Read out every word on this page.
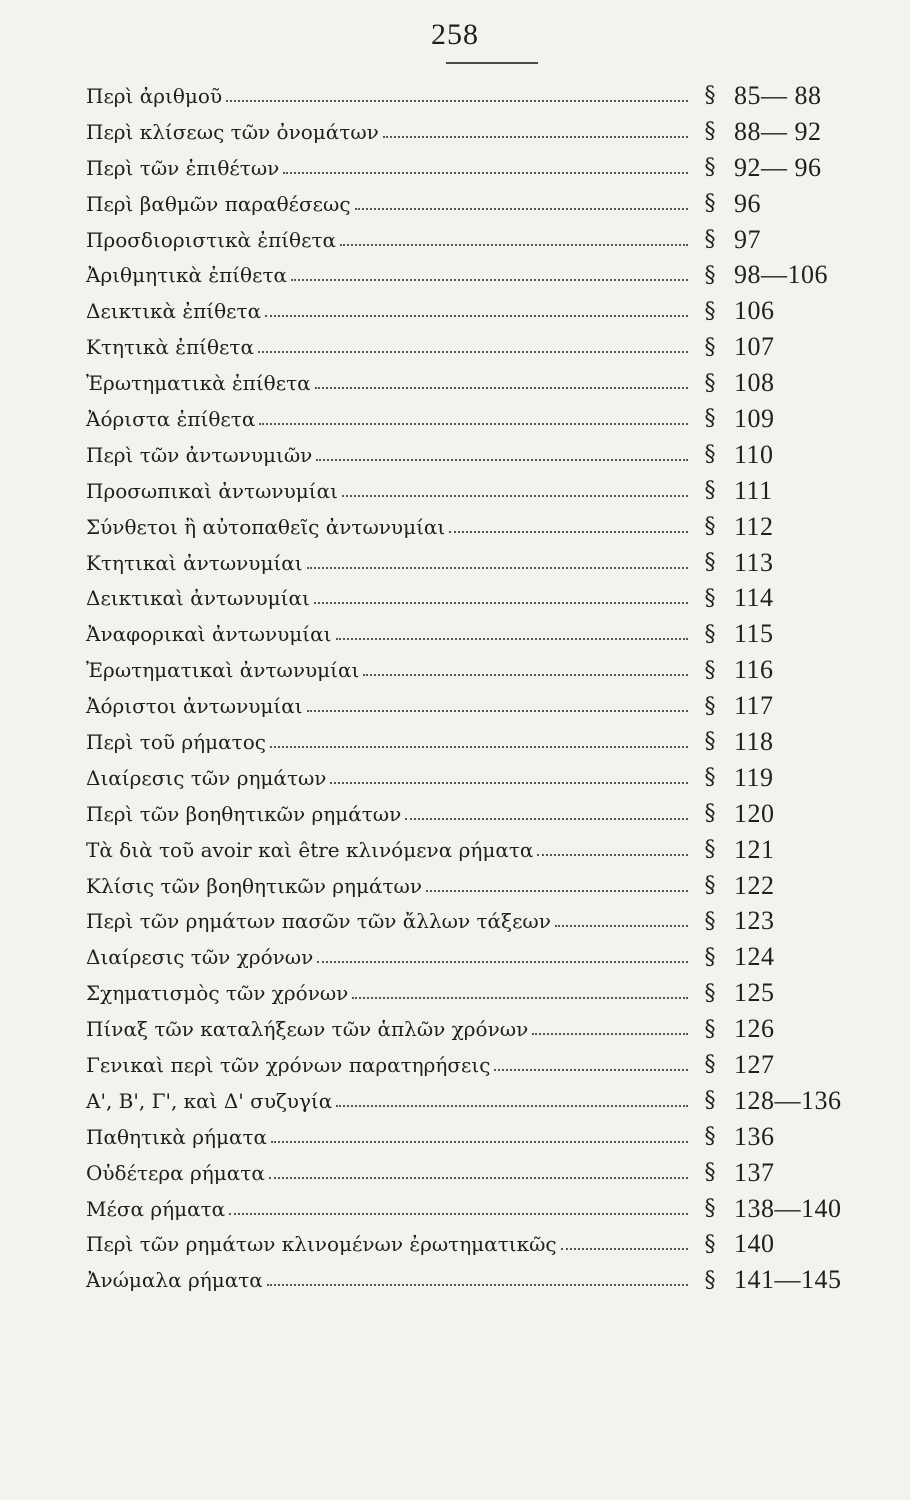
258
Περὶ ἀριθμοῦ	§ 85— 88
Περὶ κλίσεως τῶν ὀνομάτων	§ 88— 92
Περὶ τῶν ἐπιθέτων	§ 92— 96
Περὶ βαθμῶν παραθέσεως	§ 96
Προσδιοριστικὰ ἐπίθετα	§ 97
Ἀριθμητικὰ ἐπίθετα	§ 98—106
Δεικτικὰ ἐπίθετα	§ 106
Κτητικὰ ἐπίθετα	§ 107
Ἐρωτηματικὰ ἐπίθετα	§ 108
Ἀόριστα ἐπίθετα	§ 109
Περὶ τῶν ἀντωνυμιῶν	§ 110
Προσωπικαὶ ἀντωνυμίαι	§ 111
Σύνθετοι ἢ αὐτοπαθεῖς ἀντωνυμίαι	§ 112
Κτητικαὶ ἀντωνυμίαι	§ 113
Δεικτικαὶ ἀντωνυμίαι	§ 114
Ἀναφορικαὶ ἀντωνυμίαι	§ 115
Ἐρωτηματικαὶ ἀντωνυμίαι	§ 116
Ἀόριστοι ἀντωνυμίαι	§ 117
Περὶ τοῦ ρήματος	§ 118
Διαίρεσις τῶν ρημάτων	§ 119
Περὶ τῶν βοηθητικῶν ρημάτων	§ 120
Τὰ διὰ τοῦ avoir καὶ être κλινόμενα ρήματα	§ 121
Κλίσις τῶν βοηθητικῶν ρημάτων	§ 122
Περὶ τῶν ρημάτων πασῶν τῶν ἄλλων τάξεων	§ 123
Διαίρεσις τῶν χρόνων	§ 124
Σχηματισμὸς τῶν χρόνων	§ 125
Πίναξ τῶν καταλήξεων τῶν ἁπλῶν χρόνων	§ 126
Γενικαὶ περὶ τῶν χρόνων παρατηρήσεις	§ 127
Α', Β', Γ', καὶ Δ' συζυγία	§ 128—136
Παθητικὰ ρήματα	§ 136
Οὐδέτερα ρήματα	§ 137
Μέσα ρήματα	§ 138—140
Περὶ τῶν ρημάτων κλινομένων ἐρωτηματικῶς	§ 140
Ἀνώμαλα ρήματα	§ 141—145
